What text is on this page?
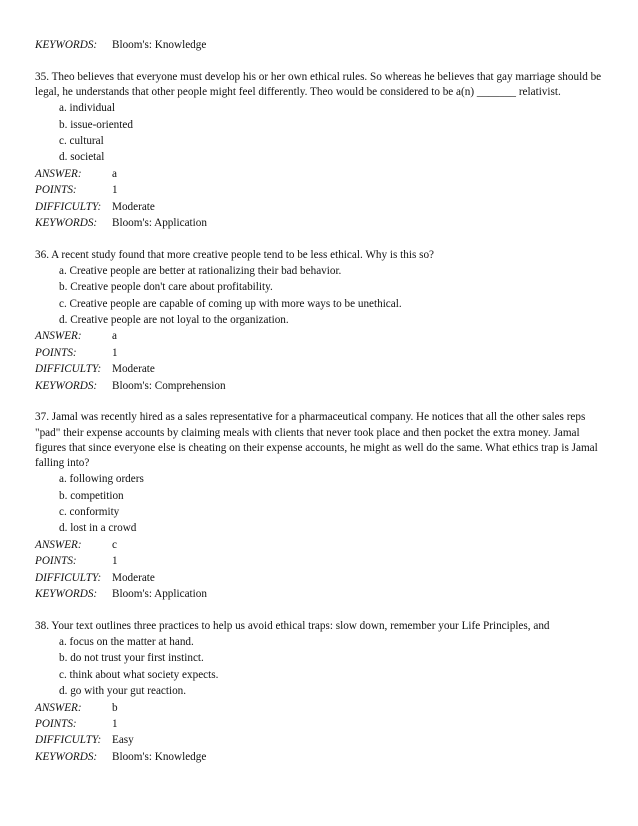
KEYWORDS: Bloom's: Knowledge

35. Theo believes that everyone must develop his or her own ethical rules. So whereas he believes that gay marriage should be legal, he understands that other people might feel differently. Theo would be considered to be a(n) _______ relativist.

a. individual
b. issue-oriented
c. cultural
d. societal
ANSWER:	a
POINTS:	1
DIFFICULTY: Moderate
KEYWORDS: Bloom's: Application

36. A recent study found that more creative people tend to be less ethical. Why is this so?

a. Creative people are better at rationalizing their bad behavior.
b. Creative people don't care about profitability.
c. Creative people are capable of coming up with more ways to be unethical.
d. Creative people are not loyal to the organization.
ANSWER:	a
POINTS:	1
DIFFICULTY: Moderate
KEYWORDS: Bloom's: Comprehension

37. Jamal was recently hired as a sales representative for a pharmaceutical company. He notices that all the other sales reps "pad" their expense accounts by claiming meals with clients that never took place and then pocket the extra money. Jamal figures that since everyone else is cheating on their expense accounts, he might as well do the same. What ethics trap is Jamal falling into?

a. following orders
b. competition
c. conformity
d. lost in a crowd
ANSWER:	c
POINTS:	1
DIFFICULTY: Moderate
KEYWORDS: Bloom's: Application

38. Your text outlines three practices to help us avoid ethical traps: slow down, remember your Life Principles, and

a. focus on the matter at hand.
b. do not trust your first instinct.
c. think about what society expects.
d. go with your gut reaction.
ANSWER:	b
POINTS:	1
DIFFICULTY: Easy
KEYWORDS: Bloom's: Knowledge
